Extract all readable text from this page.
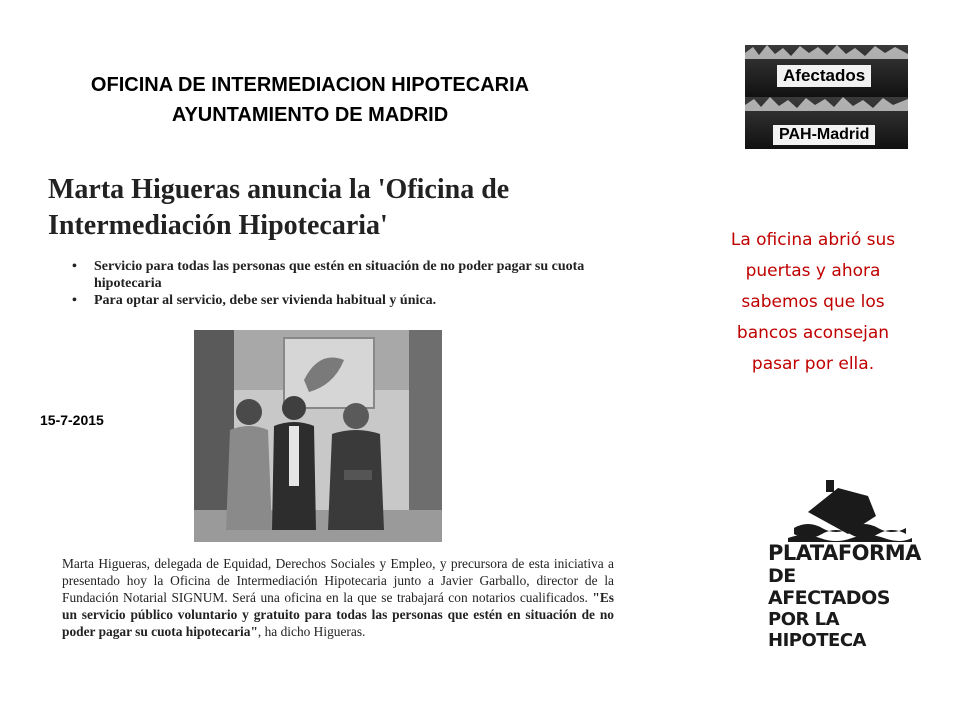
OFICINA DE INTERMEDIACION HIPOTECARIA
AYUNTAMIENTO DE MADRID
Afectados
PAH-Madrid
Marta Higueras anuncia la 'Oficina de Intermediación Hipotecaria'
• Servicio para todas las personas que estén en situación de no poder pagar su cuota hipotecaria
• Para optar al servicio, debe ser vivienda habitual y única.
15-7-2015
Marta Higueras, delegada de Equidad, Derechos Sociales y Empleo, y precursora de esta iniciativa a presentado hoy la Oficina de Intermediación Hipotecaria junto a Javier Garballo, director de la Fundación Notarial SIGNUM. Será una oficina en la que se trabajará con notarios cualificados. "Es un servicio público voluntario y gratuito para todas las personas que estén en situación de no poder pagar su cuota hipotecaria", ha dicho Higueras.
La oficina abrió sus puertas y ahora sabemos que los bancos aconsejan pasar por ella.
PLATAFORMA
DE AFECTADOS
POR LA HIPOTECA
